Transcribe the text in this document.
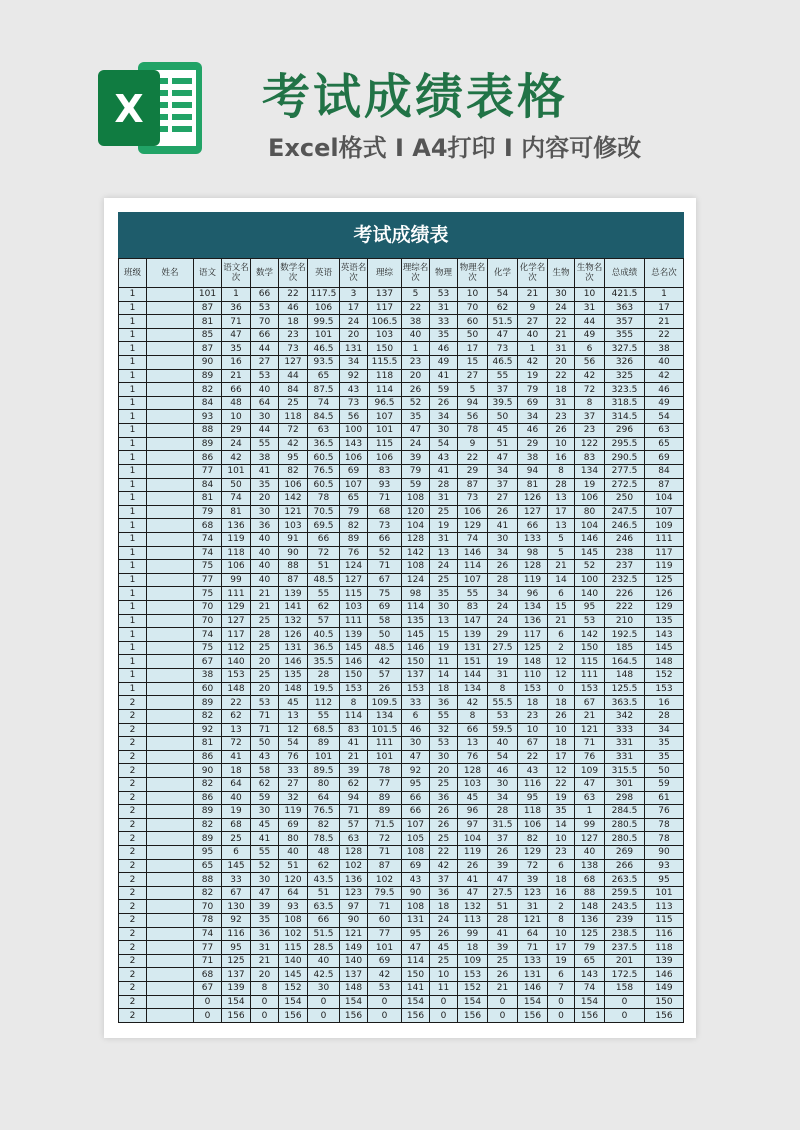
X 考试成绩表格
Excel格式 I A4打印 I 内容可修改
考试成绩表
班级	姓名	语文	语文名次	数学	数学名次	英语	英语名次	理综	理综名次	物理	物理名次	化学	化学名次	生物	生物名次	总成绩	总名次
1		101	1	66	22	117.5	3	137	5	53	10	54	21	30	10	421.5	1
1		87	36	53	46	106	17	117	22	31	70	62	9	24	31	363	17
1		81	71	70	18	99.5	24	106.5	38	33	60	51.5	27	22	44	357	21
1		85	47	66	23	101	20	103	40	35	50	47	40	21	49	355	22
1		87	35	44	73	46.5	131	150	1	46	17	73	1	31	6	327.5	38
1		90	16	27	127	93.5	34	115.5	23	49	15	46.5	42	20	56	326	40
1		89	21	53	44	65	92	118	20	41	27	55	19	22	42	325	42
1		82	66	40	84	87.5	43	114	26	59	5	37	79	18	72	323.5	46
1		84	48	64	25	74	73	96.5	52	26	94	39.5	69	31	8	318.5	49
1		93	10	30	118	84.5	56	107	35	34	56	50	34	23	37	314.5	54
1		88	29	44	72	63	100	101	47	30	78	45	46	26	23	296	63
1		89	24	55	42	36.5	143	115	24	54	9	51	29	10	122	295.5	65
1		86	42	38	95	60.5	106	106	39	43	22	47	38	16	83	290.5	69
1		77	101	41	82	76.5	69	83	79	41	29	34	94	8	134	277.5	84
1		84	50	35	106	60.5	107	93	59	28	87	37	81	28	19	272.5	87
1		81	74	20	142	78	65	71	108	31	73	27	126	13	106	250	104
1		79	81	30	121	70.5	79	68	120	25	106	26	127	17	80	247.5	107
1		68	136	36	103	69.5	82	73	104	19	129	41	66	13	104	246.5	109
1		74	119	40	91	66	89	66	128	31	74	30	133	5	146	246	111
1		74	118	40	90	72	76	52	142	13	146	34	98	5	145	238	117
1		75	106	40	88	51	124	71	108	24	114	26	128	21	52	237	119
1		77	99	40	87	48.5	127	67	124	25	107	28	119	14	100	232.5	125
1		75	111	21	139	55	115	75	98	35	55	34	96	6	140	226	126
1		70	129	21	141	62	103	69	114	30	83	24	134	15	95	222	129
1		70	127	25	132	57	111	58	135	13	147	24	136	21	53	210	135
1		74	117	28	126	40.5	139	50	145	15	139	29	117	6	142	192.5	143
1		75	112	25	131	36.5	145	48.5	146	19	131	27.5	125	2	150	185	145
1		67	140	20	146	35.5	146	42	150	11	151	19	148	12	115	164.5	148
1		38	153	25	135	28	150	57	137	14	144	31	110	12	111	148	152
1		60	148	20	148	19.5	153	26	153	18	134	8	153	0	153	125.5	153
2		89	22	53	45	112	8	109.5	33	36	42	55.5	18	18	67	363.5	16
2		82	62	71	13	55	114	134	6	55	8	53	23	26	21	342	28
2		92	13	71	12	68.5	83	101.5	46	32	66	59.5	10	10	121	333	34
2		81	72	50	54	89	41	111	30	53	13	40	67	18	71	331	35
2		86	41	43	76	101	21	101	47	30	76	54	22	17	76	331	35
2		90	18	58	33	89.5	39	78	92	20	128	46	43	12	109	315.5	50
2		82	64	62	27	80	62	77	95	25	103	30	116	22	47	301	59
2		86	40	59	32	64	94	89	66	36	45	34	95	19	63	298	61
2		89	19	30	119	76.5	71	89	66	26	96	28	118	35	1	284.5	76
2		82	68	45	69	82	57	71.5	107	26	97	31.5	106	14	99	280.5	78
2		89	25	41	80	78.5	63	72	105	25	104	37	82	10	127	280.5	78
2		95	6	55	40	48	128	71	108	22	119	26	129	23	40	269	90
2		65	145	52	51	62	102	87	69	42	26	39	72	6	138	266	93
2		88	33	30	120	43.5	136	102	43	37	41	47	39	18	68	263.5	95
2		82	67	47	64	51	123	79.5	90	36	47	27.5	123	16	88	259.5	101
2		70	130	39	93	63.5	97	71	108	18	132	51	31	2	148	243.5	113
2		78	92	35	108	66	90	60	131	24	113	28	121	8	136	239	115
2		74	116	36	102	51.5	121	77	95	26	99	41	64	10	125	238.5	116
2		77	95	31	115	28.5	149	101	47	45	18	39	71	17	79	237.5	118
2		71	125	21	140	40	140	69	114	25	109	25	133	19	65	201	139
2		68	137	20	145	42.5	137	42	150	10	153	26	131	6	143	172.5	146
2		67	139	8	152	30	148	53	141	11	152	21	146	7	74	158	149
2		0	154	0	154	0	154	0	154	0	154	0	154	0	154	0	150
2		0	156	0	156	0	156	0	156	0	156	0	156	0	156	0	156
